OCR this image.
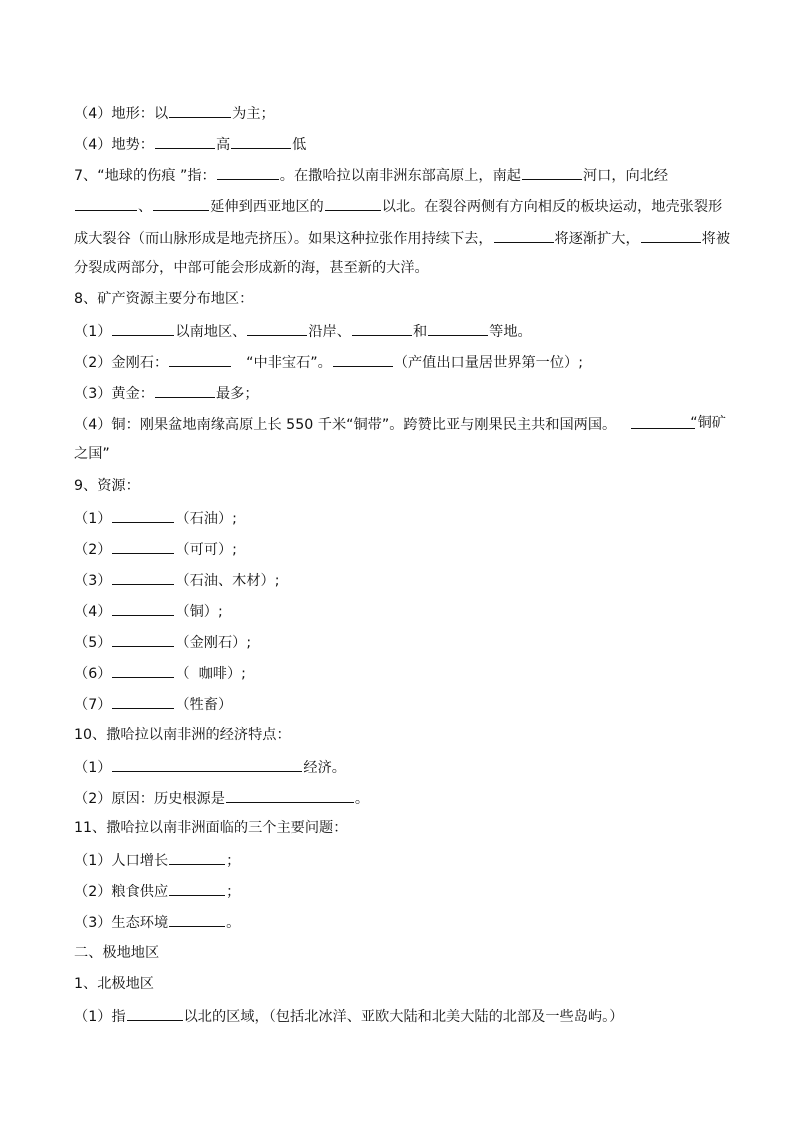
（4）地形：以	为主；
（4）地势：	高	低
7、“地球的伤痕 ”指：	。在撒哈拉以南非洲东部高原上，南起	河口，向北经
、	延伸到西亚地区的	以北。在裂谷两侧有方向相反的板块运动，地壳张裂形
成大裂谷（而山脉形成是地壳挤压）。如果这种拉张作用持续下去，	将逐渐扩大，	将被
分裂成两部分，中部可能会形成新的海，甚至新的大洋。
8、矿产资源主要分布地区：
（1）	以南地区、	沿岸、	和	等地。
（2）金刚石：	“中非宝石”。	（产值出口量居世界第一位）;
（3）黄金：	最多；
（4）铜：刚果盆地南缘高原上长 550 千米“铜带”。跨赞比亚与刚果民主共和国两国。	“铜矿
之国”
9、资源：
（1）	（石油）;
（2）	（可可）;
（3）	（石油、木材）;
（4）	（铜）;
（5）	（金刚石）;
（6）	（  咖啡）;
（7）	（牲畜）
10、撒哈拉以南非洲的经济特点：
（1）	经济。
（2）原因：历史根源是	。
11、撒哈拉以南非洲面临的三个主要问题：
（1）人口增长	；
（2）粮食供应	；
（3）生态环境	。
二、极地地区
1、北极地区
（1）指	以北的区域，（包括北冰洋、亚欧大陆和北美大陆的北部及一些岛屿。）
